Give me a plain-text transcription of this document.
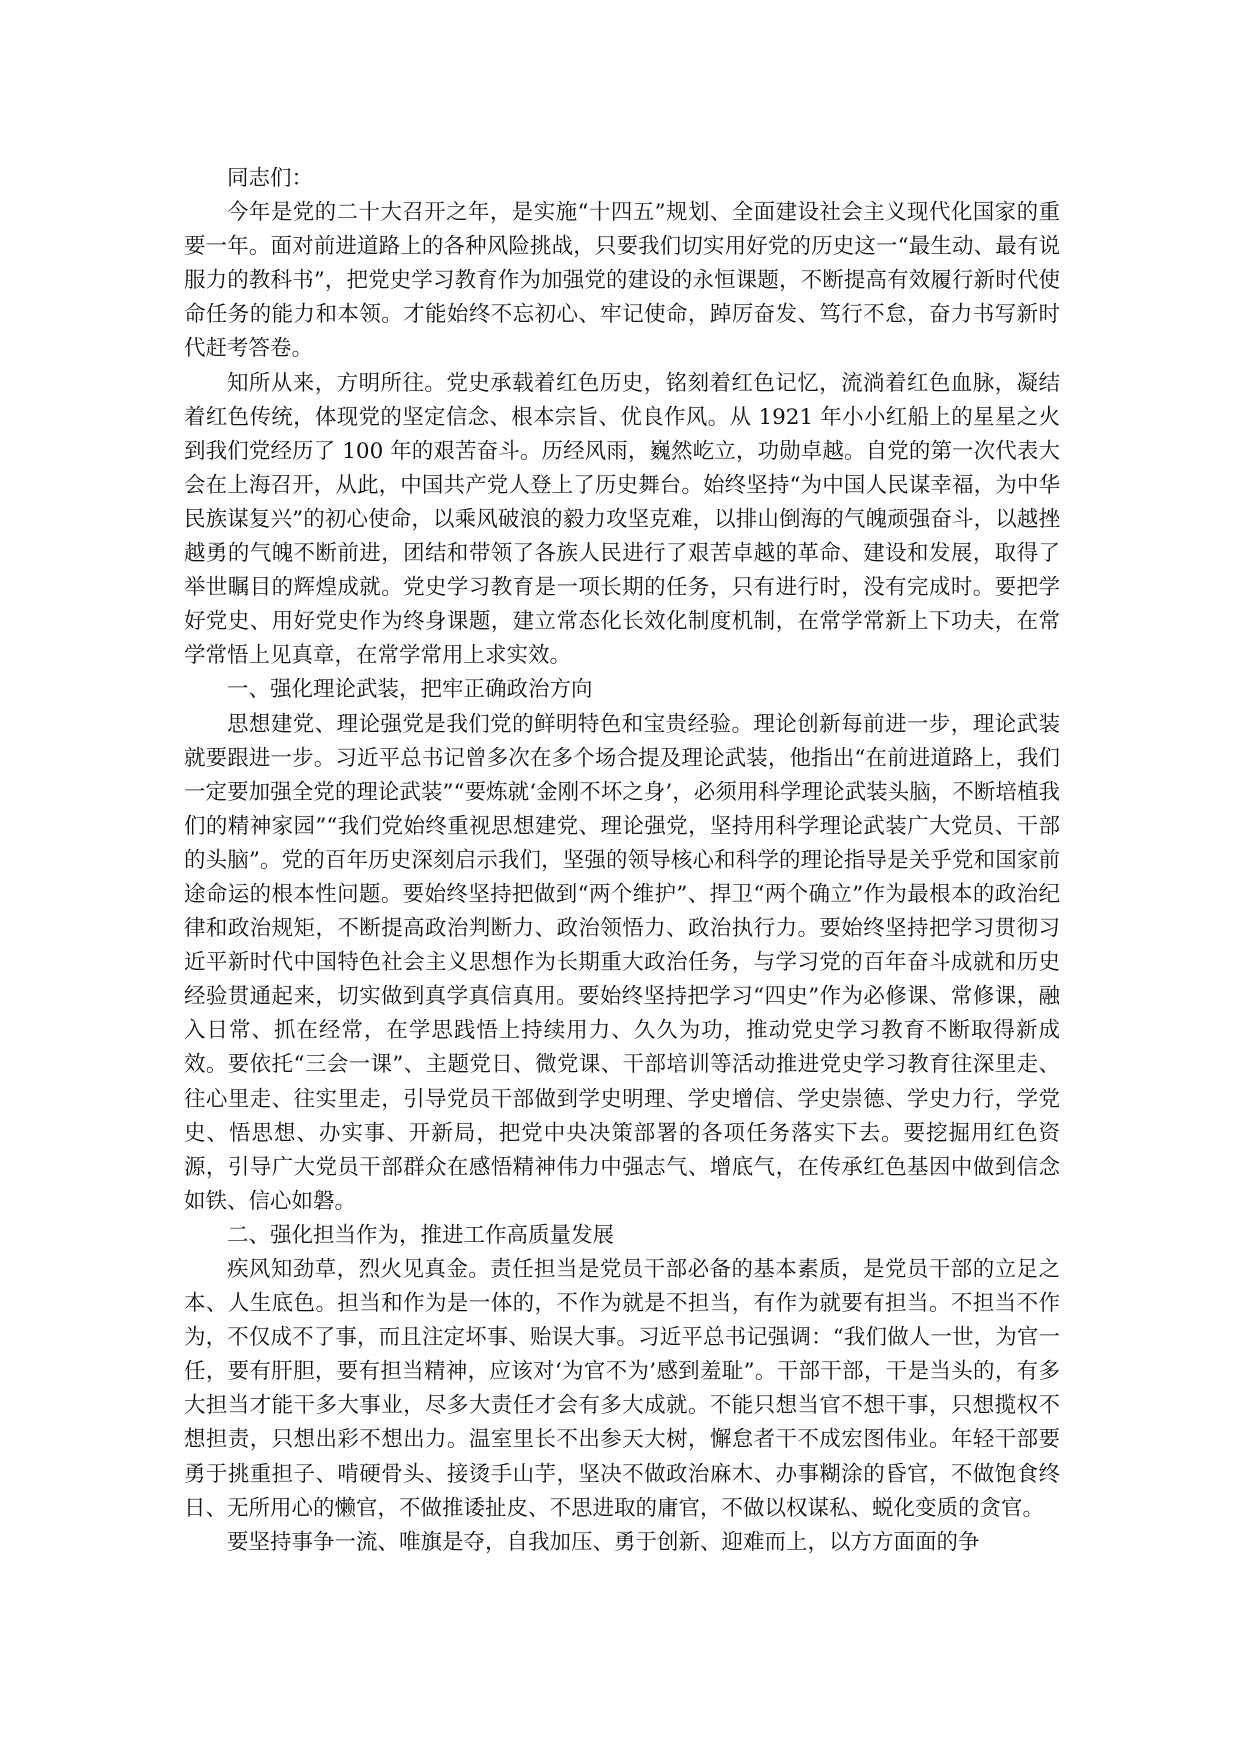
同志们：

今年是党的二十大召开之年，是实施“十四五”规划、全面建设社会主义现代化国家的重要一年。面对前进道路上的各种风险挑战，只要我们切实用好党的历史这一“最生动、最有说服力的教科书”，把党史学习教育作为加强党的建设的永恒课题，不断提高有效履行新时代使命任务的能力和本领。才能始终不忘初心、牢记使命，踔厉奋发、笃行不怠，奋力书写新时代赶考答卷。

知所从来，方明所往。党史承载着红色历史，铭刻着红色记忆，流淌着红色血脉，凝结着红色传统，体现党的坚定信念、根本宗旨、优良作风。从 1921 年小小红船上的星星之火到我们党经历了 100 年的艰苦奋斗。历经风雨，巍然屹立，功勋卓越。自党的第一次代表大会在上海召开，从此，中国共产党人登上了历史舞台。始终坚持“为中国人民谋幸福，为中华民族谋复兴”的初心使命，以乘风破浪的毅力攻坚克难，以排山倒海的气魄顽强奋斗，以越挫越勇的气魄不断前进，团结和带领了各族人民进行了艰苦卓越的革命、建设和发展，取得了举世瞩目的辉煌成就。党史学习教育是一项长期的任务，只有进行时，没有完成时。要把学好党史、用好党史作为终身课题，建立常态化长效化制度机制，在常学常新上下功夫，在常学常悟上见真章，在常学常用上求实效。

一、强化理论武装，把牢正确政治方向

思想建党、理论强党是我们党的鲜明特色和宝贵经验。理论创新每前进一步，理论武装就要跟进一步。习近平总书记曾多次在多个场合提及理论武装，他指出“在前进道路上，我们一定要加强全党的理论武装”“要炼就‘金刚不坏之身’，必须用科学理论武装头脑，不断培植我们的精神家园”“我们党始终重视思想建党、理论强党，坚持用科学理论武装广大党员、干部的头脑”。党的百年历史深刻启示我们，坚强的领导核心和科学的理论指导是关乎党和国家前途命运的根本性问题。要始终坚持把做到“两个维护”、捍卫“两个确立”作为最根本的政治纪律和政治规矩，不断提高政治判断力、政治领悟力、政治执行力。要始终坚持把学习贯彻习近平新时代中国特色社会主义思想作为长期重大政治任务，与学习党的百年奋斗成就和历史经验贯通起来，切实做到真学真信真用。要始终坚持把学习“四史”作为必修课、常修课，融入日常、抓在经常，在学思践悟上持续用力、久久为功，推动党史学习教育不断取得新成效。要依托“三会一课”、主题党日、微党课、干部培训等活动推进党史学习教育往深里走、往心里走、往实里走，引导党员干部做到学史明理、学史增信、学史崇德、学史力行，学党史、悟思想、办实事、开新局，把党中央决策部署的各项任务落实下去。要挖掘用红色资源，引导广大党员干部群众在感悟精神伟力中强志气、增底气，在传承红色基因中做到信念如铁、信心如磐。

二、强化担当作为，推进工作高质量发展

疾风知劲草，烈火见真金。责任担当是党员干部必备的基本素质，是党员干部的立足之本、人生底色。担当和作为是一体的，不作为就是不担当，有作为就要有担当。不担当不作为，不仅成不了事，而且注定坏事、贻误大事。习近平总书记强调：“我们做人一世，为官一任，要有肝胆，要有担当精神，应该对‘为官不为’感到羞耻”。干部干部，干是当头的，有多大担当才能干多大事业，尽多大责任才会有多大成就。不能只想当官不想干事，只想揽权不想担责，只想出彩不想出力。温室里长不出参天大树，懈怠者干不成宏图伟业。年轻干部要勇于挑重担子、啃硬骨头、接烫手山芋，坚决不做政治麻木、办事糊涂的昏官，不做饱食终日、无所用心的懒官，不做推诿扯皮、不思进取的庸官，不做以权谋私、蜕化变质的贪官。

要坚持事争一流、唯旗是夺，自我加压、勇于创新、迎难而上，以方方面面的争
